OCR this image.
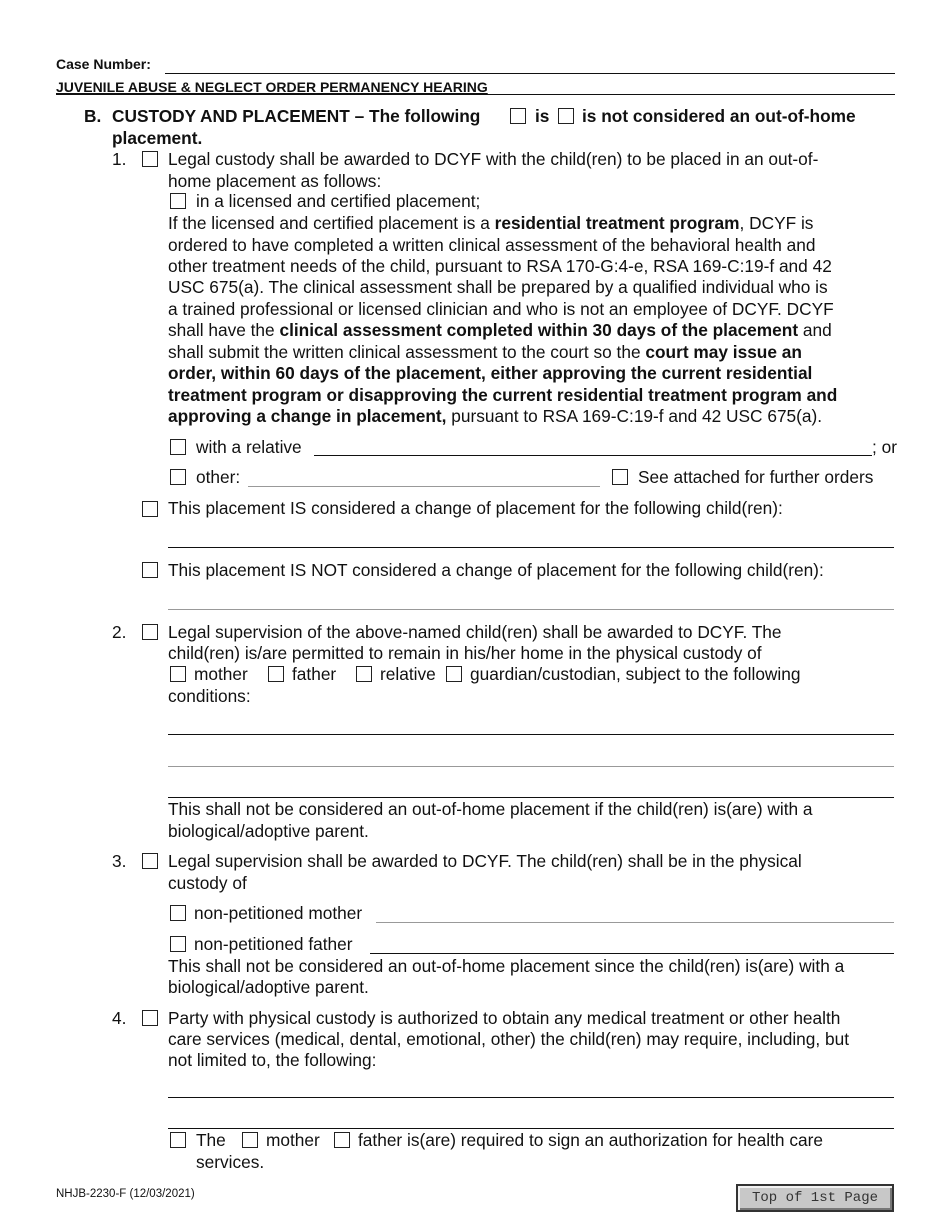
Case Number:
JUVENILE ABUSE & NEGLECT ORDER PERMANENCY HEARING
B. CUSTODY AND PLACEMENT – The following	is is not considered an out-of-home
placement.
1. Legal custody shall be awarded to DCYF with the child(ren) to be placed in an out-of-
home placement as follows:
in a licensed and certified placement;
If the licensed and certified placement is a residential treatment program, DCYF is
ordered to have completed a written clinical assessment of the behavioral health and
other treatment needs of the child, pursuant to RSA 170-G:4-e, RSA 169-C:19-f and 42
USC 675(a). The clinical assessment shall be prepared by a qualified individual who is
a trained professional or licensed clinician and who is not an employee of DCYF. DCYF
shall have the clinical assessment completed within 30 days of the placement and
shall submit the written clinical assessment to the court so the court may issue an
order, within 60 days of the placement, either approving the current residential
treatment program or disapproving the current residential treatment program and
approving a change in placement, pursuant to RSA 169-C:19-f and 42 USC 675(a).
with a relative	; or
other:	See attached for further orders
This placement IS considered a change of placement for the following child(ren):
This placement IS NOT considered a change of placement for the following child(ren):
2. Legal supervision of the above-named child(ren) shall be awarded to DCYF. The
child(ren) is/are permitted to remain in his/her home in the physical custody of
mother	father	relative guardian/custodian, subject to the following
conditions:
This shall not be considered an out-of-home placement if the child(ren) is(are) with a
biological/adoptive parent.
3. Legal supervision shall be awarded to DCYF. The child(ren) shall be in the physical
custody of
non-petitioned mother
non-petitioned father
This shall not be considered an out-of-home placement since the child(ren) is(are) with a
biological/adoptive parent.
4. Party with physical custody is authorized to obtain any medical treatment or other health
care services (medical, dental, emotional, other) the child(ren) may require, including, but
not limited to, the following:
The mother father is(are) required to sign an authorization for health care
services.
NHJB-2230-F (12/03/2021)	Top of 1st Page
